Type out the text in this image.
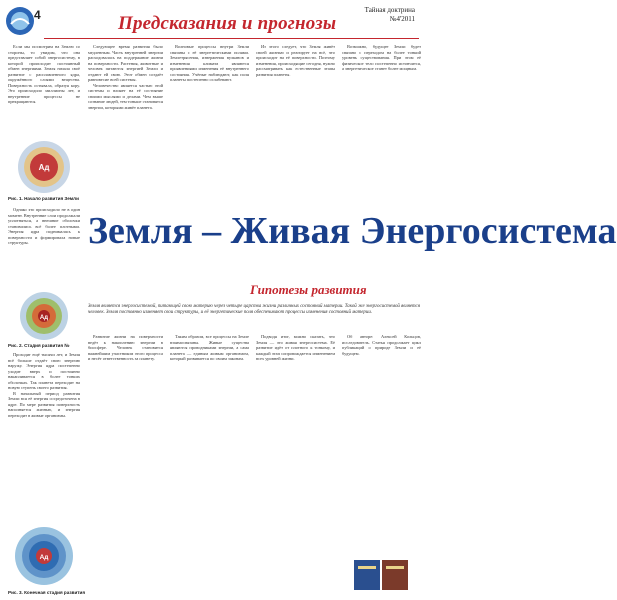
4	Тайная доктрина
№4'2011
Предсказания и прогнозы

Если мы посмотрим на Землю со стороны, то увидим, что она представляет собой энергосистему, в которой происходит постоянный обмен энергиями. Земля начала своё развитие с расплавленного ядра, окружённого слоями вещества. Поверхность остывала, образуя кору. Это происходило миллионы лет, и внутренние процессы не прекращаются.

Ад
Рис. 1. Начало развития Земли

Однако это происходило не в один момент. Внутренние слои продолжали уплотняться, а внешние оболочки становились всё более плотными. Энергия ядра поднималась к поверхности и формировала новые структуры.

Ад
Рис. 2. Стадия развития №

Проходят ещё тысячи лет, и Земля всё больше отдаёт свою энергию наружу. Энергия ядра постепенно уходит вверх и постоянно накапливается в более тонких оболочках. Так планета переходит на новую ступень своего развития.

В начальный период развития Земли вся её энергия сосредоточена в ядре. По мере развития поверхность наполняется жизнью, и энергия переходит в живые организмы.

Ад
Рис. 3. Конечная стадия развития

Следующее время развития было медленным. Часть внутренней энергии расходовалась на поддержание жизни на поверхности. Растения, животные и человек питаются энергией Земли и отдают ей свою. Этот обмен создаёт равновесие всей системы.

Человечество является частью этой системы и влияет на её состояние своими мыслями и делами. Чем выше сознание людей, тем тоньше становятся энергии, которыми живёт планета.

Волновые процессы внутри Земли связаны с её энергетическими полями. Землетрясения, извержения вулканов и изменения климата являются проявлениями изменения её внутреннего состояния. Учёные наблюдают, как поля планеты постепенно ослабевают.

Из этого следует, что Земля живёт своей жизнью и реагирует на всё, что происходит на её поверхности. Поэтому изменения, происходящие сегодня, нужно рассматривать как естественные этапы развития планеты.

Возможно, будущее Земли будет связано с переходом на более тонкий уровень существования. При этом её физическое тело постепенно истончится, а энергетическое станет более мощным.

Земля – Живая Энергосистема
Гипотезы развития
Земля является энергосистемой, питающей свою материю через четыре царства жизни различных состояний материи. Такой же энергосистемой является человек. Земля постоянно изменяет свои структуры, и её энергетические поля обеспечивают процессы изменения состояний материи.

Развитие жизни на поверхности ведёт к накоплению энергии в биосфере. Человек становится важнейшим участником этого процесса и несёт ответственность за планету.

Таким образом, все процессы на Земле взаимосвязаны. Живые существа являются проводниками энергии, а сама планета — единым живым организмом, который развивается по своим законам.

Подводя итог, можно сказать, что Земля — это живая энергосистема. Её развитие идёт от плотного к тонкому, и каждый этап сопровождается изменением всех уровней жизни.

Об авторе: Алексей Кольцов, исследователь. Статья продолжает цикл публикаций о природе Земли и её будущем.
